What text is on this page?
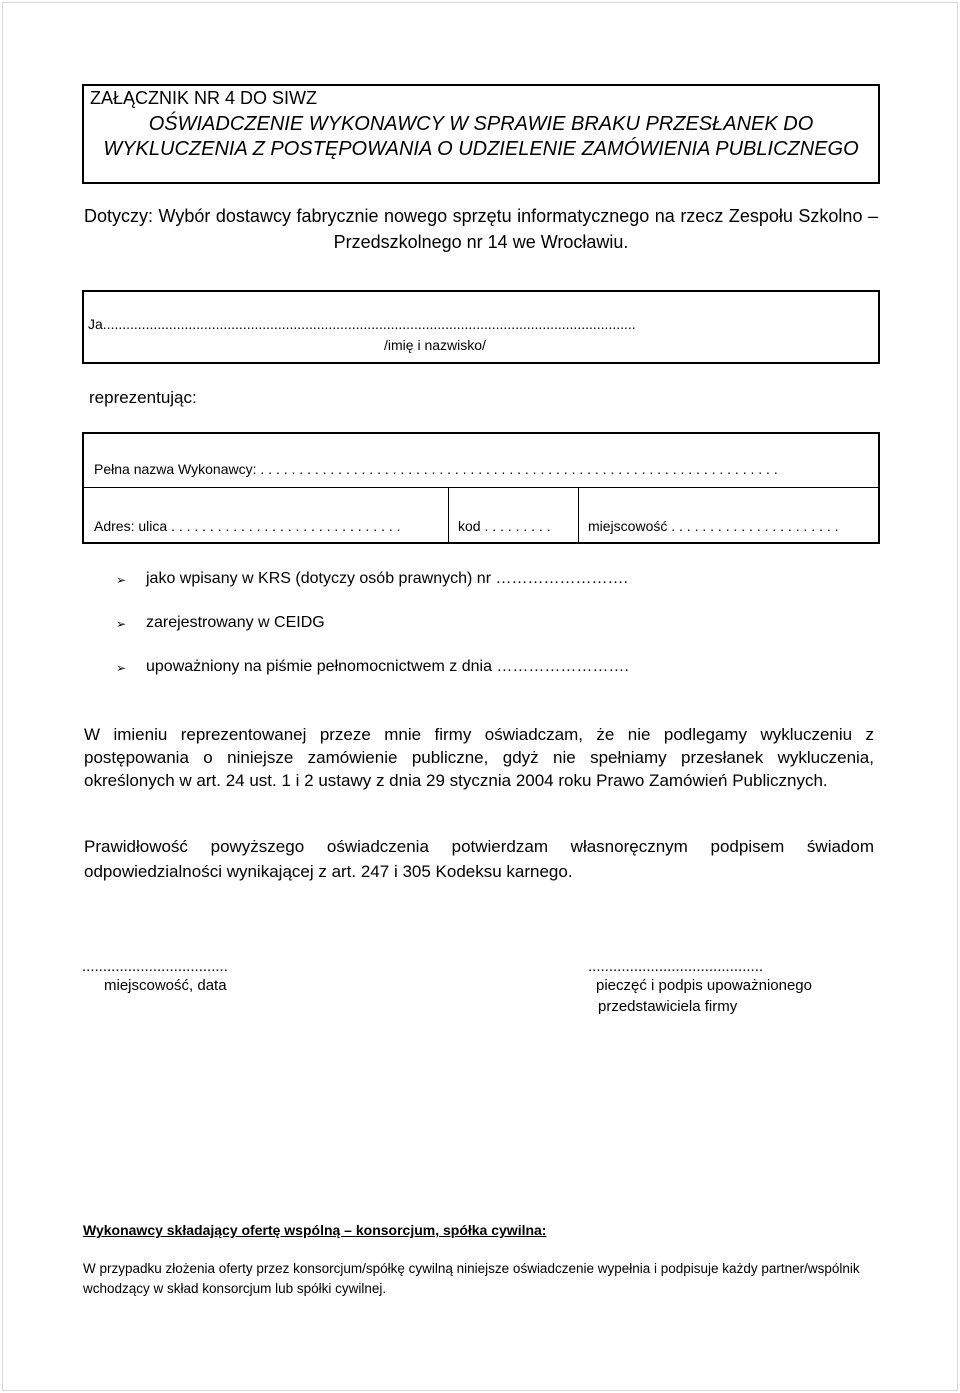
ZAŁĄCZNIK NR 4 DO SIWZ
OŚWIADCZENIE WYKONAWCY W SPRAWIE BRAKU PRZESŁANEK DO WYKLUCZENIA Z POSTĘPOWANIA O UDZIELENIE ZAMÓWIENIA PUBLICZNEGO
Dotyczy: Wybór dostawcy fabrycznie nowego sprzętu informatycznego na rzecz Zespołu Szkolno – Przedszkolnego nr 14 we Wrocławiu.
Ja.........................................................................................................................................
/imię i nazwisko/
reprezentując:
Pełna nazwa Wykonawcy: . . . . . . . . . . . . . . . . . . . . . . . . . . . . . . . . . . . . . . . . . . . . . . . . . . . . . . . . . . . . . . . . . . .
Adres: ulica . . . . . . . . . . . . . . . . . . . . . . . . . . . . . .	kod . . . . . . . . .	miejscowość . . . . . . . . . . . . . . . . . . . . . .
➢ jako wpisany w KRS (dotyczy osób prawnych) nr …………………….
➢ zarejestrowany w CEIDG
➢ upoważniony na piśmie pełnomocnictwem z dnia …………………….
W imieniu reprezentowanej przeze mnie firmy oświadczam, że nie podlegamy wykluczeniu z postępowania o niniejsze zamówienie publiczne, gdyż nie spełniamy przesłanek wykluczenia, określonych w art. 24 ust. 1 i 2 ustawy z dnia 29 stycznia 2004 roku Prawo Zamówień Publicznych.
Prawidłowość powyższego oświadczenia potwierdzam własnoręcznym podpisem świadom odpowiedzialności wynikającej z art. 247 i 305 Kodeksu karnego.
...................................
miejscowość, data
..........................................
pieczęć i podpis upoważnionego
przedstawiciela firmy
Wykonawcy składający ofertę wspólną – konsorcjum, spółka cywilna:
W przypadku złożenia oferty przez konsorcjum/spółkę cywilną niniejsze oświadczenie wypełnia i podpisuje każdy partner/wspólnik wchodzący w skład konsorcjum lub spółki cywilnej.
